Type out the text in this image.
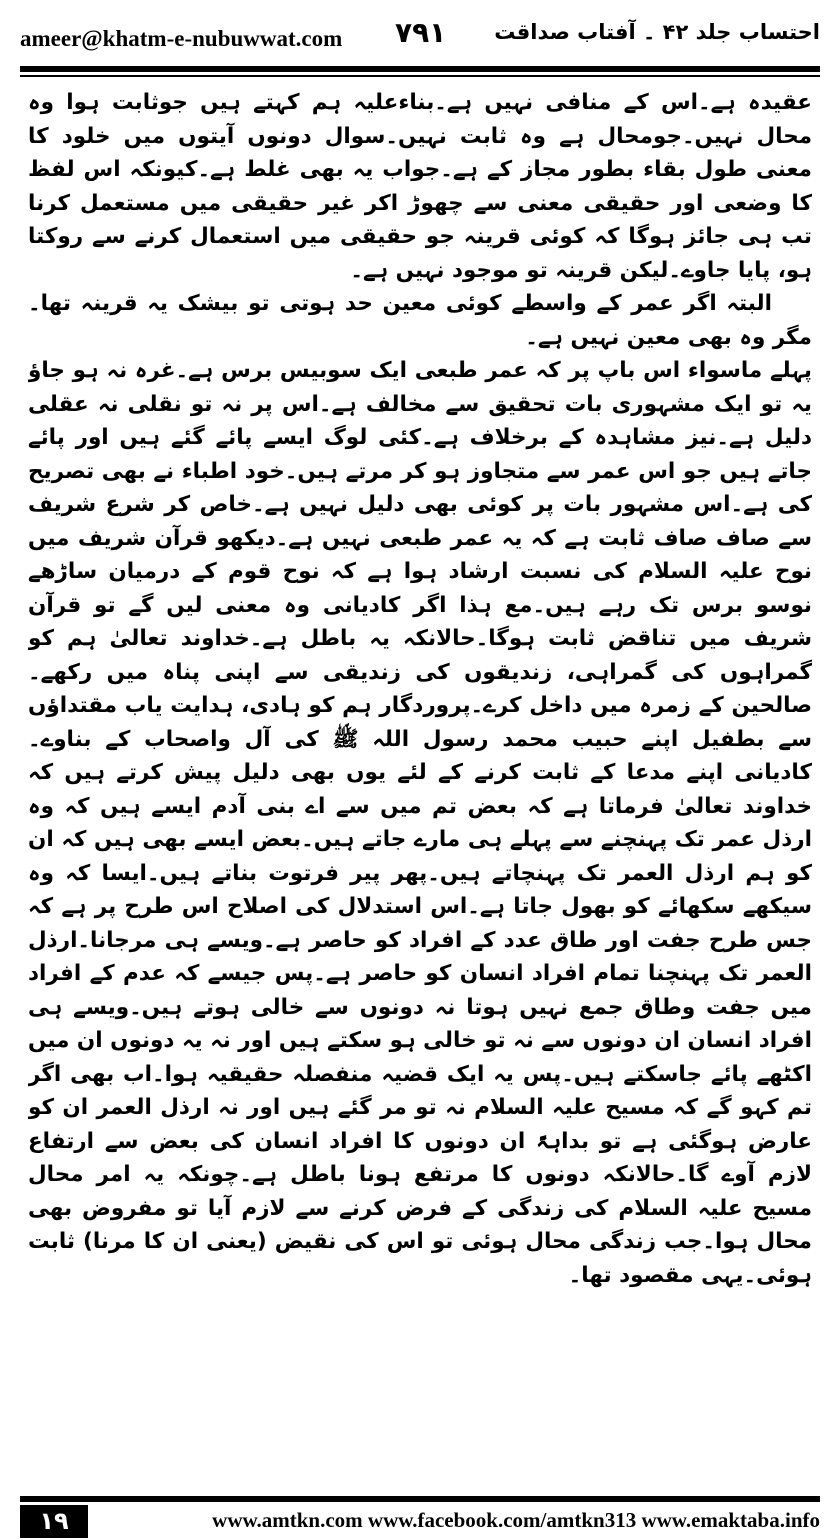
ameer@khatm-e-nubuwwat.com ۷۹۱ احتساب جلد ۴۲ ۔ آفتاب صداقت

عقیدہ ہے۔اس کے منافی نہیں ہے۔بناءعلیہ ہم کہتے ہیں جوثابت ہوا وہ محال نہیں۔جومحال ہے وہ ثابت نہیں۔سوال دونوں آیتوں میں خلود کا معنی طول بقاء بطور مجاز کے ہے۔جواب یہ بھی غلط ہے۔کیونکہ اس لفظ کا وضعی اور حقیقی معنی سے چھوڑ اکر غیر حقیقی میں مستعمل کرنا تب ہی جائز ہوگا کہ کوئی قرینہ جو حقیقی میں استعمال کرنے سے روکتا ہو، پایا جاوے۔لیکن قرینہ تو موجود نہیں ہے۔

البتہ اگر عمر کے واسطے کوئی معین حد ہوتی تو بیشک یہ قرینہ تھا۔مگر وہ بھی معین نہیں ہے۔

پہلے ماسواء اس باپ پر کہ عمر طبعی ایک سوبیس برس ہے۔غرہ نہ ہو جاؤ یہ تو ایک مشہوری بات تحقیق سے مخالف ہے۔اس پر نہ تو نقلی نہ عقلی دلیل ہے۔نیز مشاہدہ کے برخلاف ہے۔کئی لوگ ایسے پائے گئے ہیں اور پائے جاتے ہیں جو اس عمر سے متجاوز ہو کر مرتے ہیں۔خود اطباء نے بھی تصریح کی ہے۔اس مشہور بات پر کوئی بھی دلیل نہیں ہے۔خاص کر شرع شریف سے صاف صاف ثابت ہے کہ یہ عمر طبعی نہیں ہے۔دیکھو قرآن شریف میں نوح علیہ السلام کی نسبت ارشاد ہوا ہے کہ نوح قوم کے درمیان ساڑھے نوسو برس تک رہے ہیں۔مع ہذا اگر کادیانی وہ معنی لیں گے تو قرآن شریف میں تناقض ثابت ہوگا۔حالانکہ یہ باطل ہے۔خداوند تعالیٰ ہم کو گمراہوں کی گمراہی، زندیقوں کی زندیقی سے اپنی پناہ میں رکھے۔صالحین کے زمرہ میں داخل کرے۔پروردگار ہم کو ہادی، ہدایت یاب مقتداؤں سے بطفیل اپنے حبیب محمد رسول اللہ ﷺ کی آل واصحاب کے بناوے۔کادیانی اپنے مدعا کے ثابت کرنے کے لئے یوں بھی دلیل پیش کرتے ہیں کہ خداوند تعالیٰ فرماتا ہے کہ بعض تم میں سے اے بنی آدم ایسے ہیں کہ وہ ارذل عمر تک پہنچنے سے پہلے ہی مارے جاتے ہیں۔بعض ایسے بھی ہیں کہ ان کو ہم ارذل العمر تک پہنچاتے ہیں۔پھر پیر فرتوت بناتے ہیں۔ایسا کہ وہ سیکھے سکھائے کو بھول جاتا ہے۔اس استدلال کی اصلاح اس طرح پر ہے کہ جس طرح جفت اور طاق عدد کے افراد کو حاصر ہے۔ویسے ہی مرجانا۔ارذل العمر تک پہنچنا تمام افراد انسان کو حاصر ہے۔پس جیسے کہ عدم کے افراد میں جفت وطاق جمع نہیں ہوتا نہ دونوں سے خالی ہوتے ہیں۔ویسے ہی افراد انسان ان دونوں سے نہ تو خالی ہو سکتے ہیں اور نہ یہ دونوں ان میں اکٹھے پائے جاسکتے ہیں۔پس یہ ایک قضیہ منفصلہ حقیقیہ ہوا۔اب بھی اگر تم کہو گے کہ مسیح علیہ السلام نہ تو مر گئے ہیں اور نہ ارذل العمر ان کو عارض ہوگئی ہے تو بداہۃً ان دونوں کا افراد انسان کی بعض سے ارتفاع لازم آوے گا۔حالانکہ دونوں کا مرتفع ہونا باطل ہے۔چونکہ یہ امر محال مسیح علیہ السلام کی زندگی کے فرض کرنے سے لازم آیا تو مفروض بھی محال ہوا۔جب زندگی محال ہوئی تو اس کی نقیض (یعنی ان کا مرنا) ثابت ہوئی۔یہی مقصود تھا۔

۱۹	www.amtkn.com www.facebook.com/amtkn313 www.emaktaba.info
